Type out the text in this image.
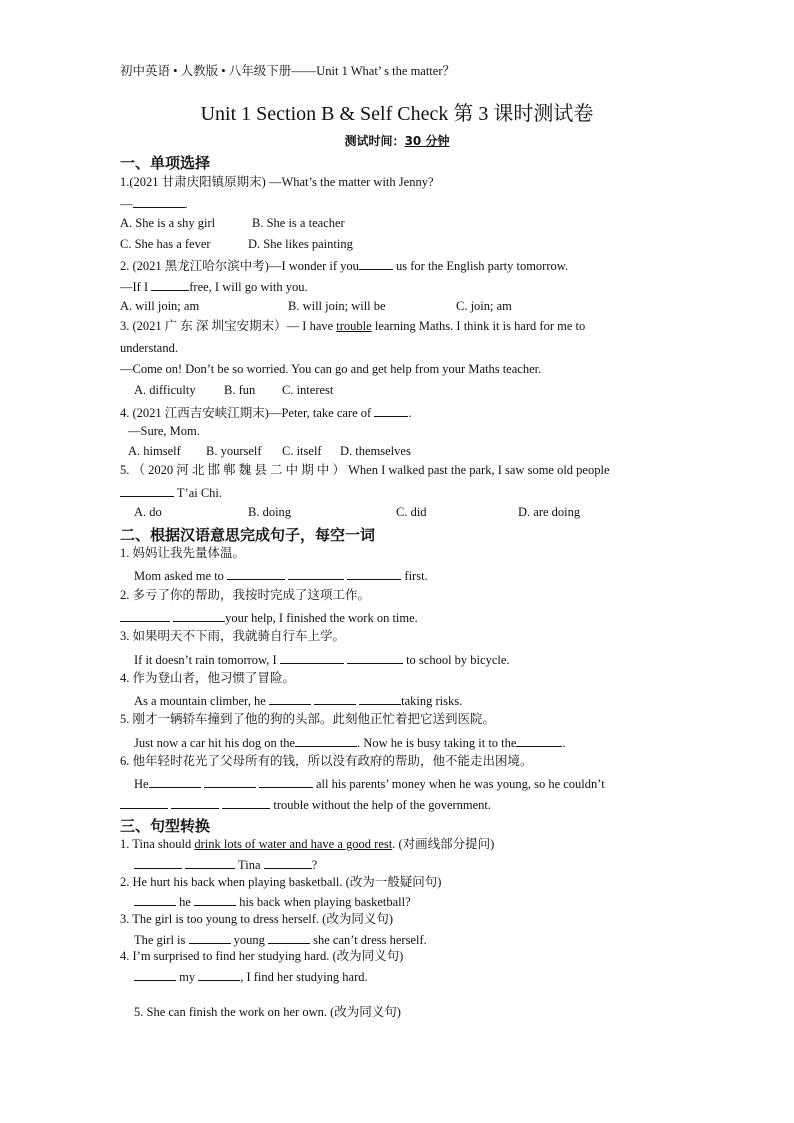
初中英语 • 人教版 • 八年级下册——Unit 1 What’ s the matter？
Unit 1 Section B & Self Check 第 3 课时测试卷
测试时间：30 分钟
一、单项选择
1.(2021 甘肃庆阳镇原期末) —What’s the matter with Jenny?
—	.
A. She is a shy girl	B. She is a teacher
C. She has a fever	D. She likes painting
2. (2021 黑龙江哈尔滨中考)—I wonder if you	us for the English party tomorrow.
—If I	free, I will go with you.
A. will join; am	B. will join; will be	C. join; am
3. (2021 广 东 深 圳宝安期末）— I have trouble learning Maths. I think it is hard for me to
understand.
—Come on! Don’t be so worried. You can go and get help from your Maths teacher.
A. difficulty B. fun C. interest
4. (2021 江西吉安峡江期末)—Peter, take care of	.
—Sure, Mom.
A. himself B. yourself C. itself D. themselves
5. （ 2020 河 北 邯 郸 魏 县 二 中 期 中 ） When I walked past the park, I saw some old people
T’ai Chi.
A. do	B. doing	C. did	D. are doing
二、根据汉语意思完成句子，每空一词
1. 妈妈让我先量体温。
Mom asked me to	first.
2. 多亏了你的帮助，我按时完成了这项工作。
your help, I finished the work on time.
3. 如果明天不下雨，我就骑自行车上学。
If it doesn’t rain tomorrow, I	to school by bicycle.
4. 作为登山者，他习惯了冒险。
As a mountain climber, he	taking risks.
5. 刚才一辆轿车撞到了他的狗的头部。此刻他正忙着把它送到医院。
Just now a car hit his dog on the	. Now he is busy taking it to the	.
6. 他年轻时花光了父母所有的钱，所以没有政府的帮助，他不能走出困境。
He	all his parents’ money when he was young, so he couldn’t
trouble without the help of the government.
三、句型转换
1. Tina should drink lots of water and have a good rest. (对画线部分提问)
Tina	?
2. He hurt his back when playing basketball. (改为一般疑问句)
he	his back when playing basketball?
3. The girl is too young to dress herself. (改为同义句)
The girl is	young	she can’t dress herself.
4. I’m surprised to find her studying hard. (改为同义句)
my	, I find her studying hard.
5. She can finish the work on her own. (改为同义句)
